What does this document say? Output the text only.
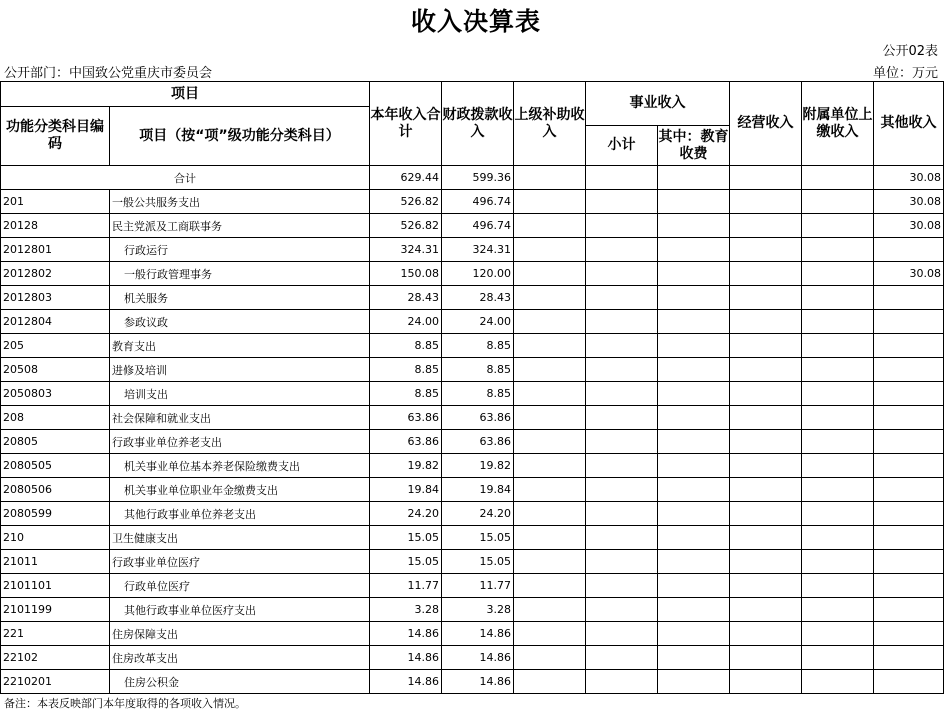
收入决算表
公开02表
公开部门：中国致公党重庆市委员会	单位：万元
项目		本年收入合计	财政拨款收入	上级补助收入	事业收入		经营收入	附属单位上缴收入	其他收入
功能分类科目编码	项目（按“项”级功能分类科目）								
					小计	其中：教育收费			
合计		629.44	599.36						30.08
201	一般公共服务支出	526.82	496.74						30.08
20128	民主党派及工商联事务	526.82	496.74						30.08
2012801	行政运行	324.31	324.31						
2012802	一般行政管理事务	150.08	120.00						30.08
2012803	机关服务	28.43	28.43						
2012804	参政议政	24.00	24.00						
205	教育支出	8.85	8.85						
20508	进修及培训	8.85	8.85						
2050803	培训支出	8.85	8.85						
208	社会保障和就业支出	63.86	63.86						
20805	行政事业单位养老支出	63.86	63.86						
2080505	机关事业单位基本养老保险缴费支出	19.82	19.82						
2080506	机关事业单位职业年金缴费支出	19.84	19.84						
2080599	其他行政事业单位养老支出	24.20	24.20						
210	卫生健康支出	15.05	15.05						
21011	行政事业单位医疗	15.05	15.05						
2101101	行政单位医疗	11.77	11.77						
2101199	其他行政事业单位医疗支出	3.28	3.28						
221	住房保障支出	14.86	14.86						
22102	住房改革支出	14.86	14.86						
2210201	住房公积金	14.86	14.86						
备注：本表反映部门本年度取得的各项收入情况。
